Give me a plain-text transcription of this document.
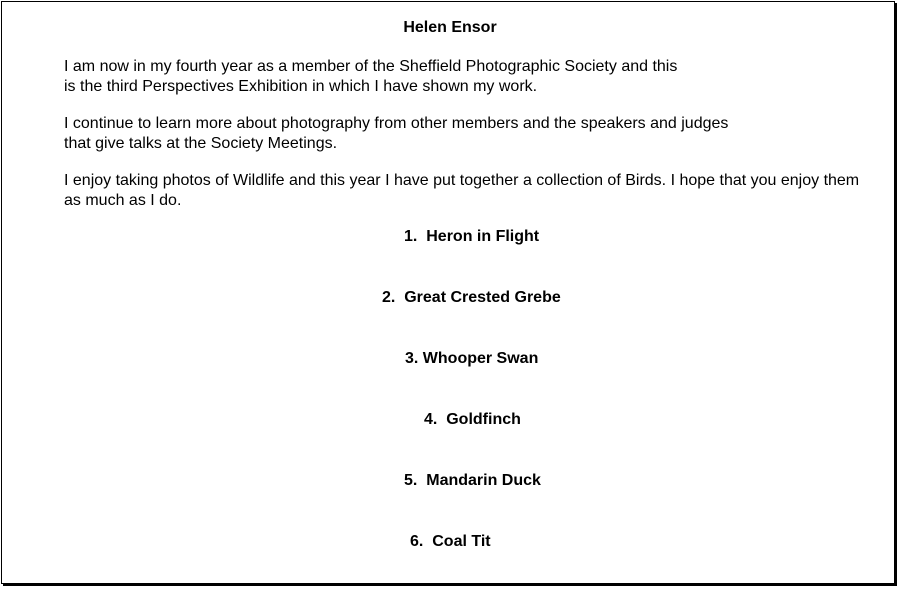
Helen Ensor

I am now in my fourth year as a member of the Sheffield Photographic Society and this
is the third Perspectives Exhibition in which I have shown my work.

I continue to learn more about photography from other members and the speakers and judges
that give talks at the Society Meetings.

I enjoy taking photos of Wildlife and this year I have put together a collection of Birds. I hope that you enjoy them
as much as I do.

1.  Heron in Flight
2.  Great Crested Grebe
3. Whooper Swan
4.  Goldfinch
5.  Mandarin Duck
6.  Coal Tit
